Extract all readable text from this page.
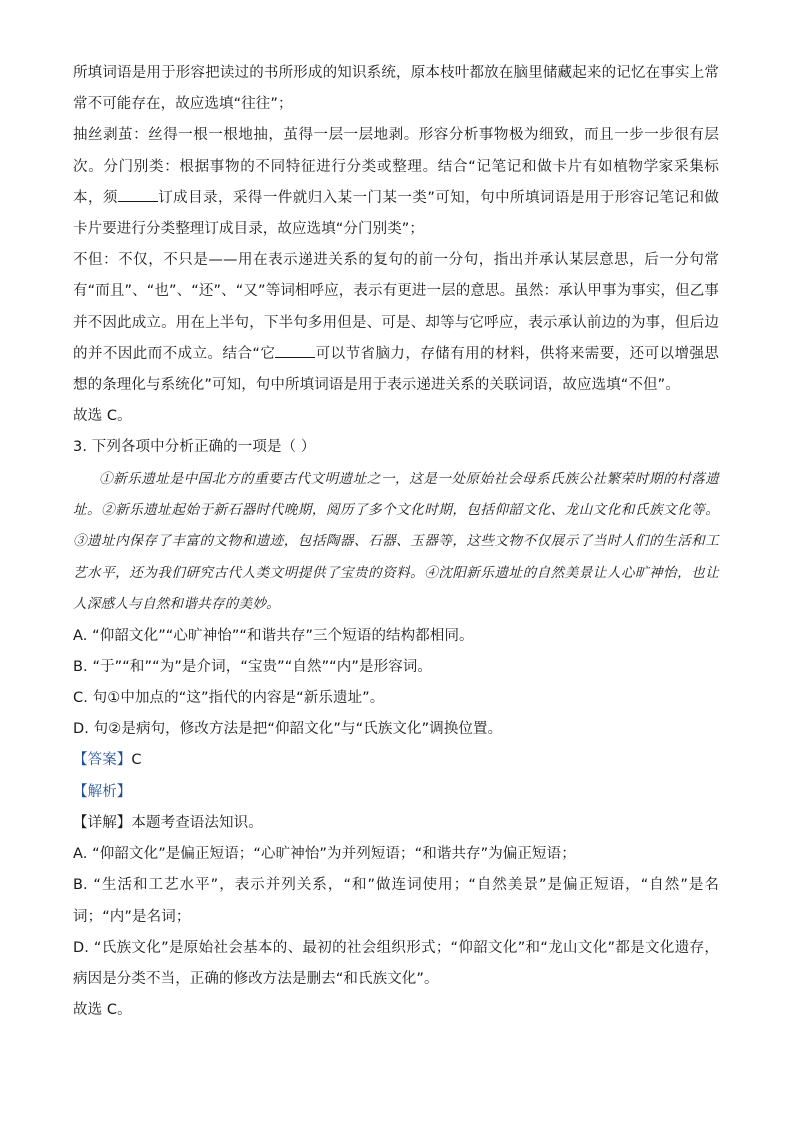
所填词语是用于形容把读过的书所形成的知识系统，原本枝叶都放在脑里储藏起来的记忆在事实上常常不可能存在，故应选填“往往”；

抽丝剥茧：丝得一根一根地抽，茧得一层一层地剥。形容分析事物极为细致，而且一步一步很有层次。分门别类：根据事物的不同特征进行分类或整理。结合“记笔记和做卡片有如植物学家采集标本，须	订成目录，采得一件就归入某一门某一类”可知，句中所填词语是用于形容记笔记和做卡片要进行分类整理订成目录，故应选填“分门别类”；

不但：不仅，不只是——用在表示递进关系的复句的前一分句，指出并承认某层意思，后一分句常有“而且”、“也”、“还”、“又”等词相呼应，表示有更进一层的意思。虽然：承认甲事为事实，但乙事并不因此成立。用在上半句，下半句多用但是、可是、却等与它呼应，表示承认前边的为事，但后边的并不因此而不成立。结合“它	可以节省脑力，存储有用的材料，供将来需要，还可以增强思想的条理化与系统化”可知，句中所填词语是用于表示递进关系的关联词语，故应选填“不但”。

故选 C。

3. 下列各项中分析正确的一项是（ ）

①新乐遗址是中国北方的重要古代文明遗址之一，这是一处原始社会母系氏族公社繁荣时期的村落遗址。②新乐遗址起始于新石器时代晚期，阅历了多个文化时期，包括仰韶文化、龙山文化和氏族文化等。③遗址内保存了丰富的文物和遗迹，包括陶器、石器、玉器等，这些文物不仅展示了当时人们的生活和工艺水平，还为我们研究古代人类文明提供了宝贵的资料。④沈阳新乐遗址的自然美景让人心旷神怡，也让人深感人与自然和谐共存的美妙。

A. “仰韶文化”“心旷神怡”“和谐共存”三个短语的结构都相同。

B. “于”“和”“为”是介词，“宝贵”“自然”“内”是形容词。

C. 句①中加点的“这”指代的内容是“新乐遗址”。

D. 句②是病句，修改方法是把“仰韶文化”与“氏族文化”调换位置。

【答案】C

【解析】

【详解】本题考查语法知识。

A. “仰韶文化”是偏正短语；“心旷神怡”为并列短语；“和谐共存”为偏正短语；

B. “生活和工艺水平”，表示并列关系，“和”做连词使用；“自然美景”是偏正短语，“自然”是名词；“内”是名词；

D. “氏族文化”是原始社会基本的、最初的社会组织形式；“仰韶文化”和“龙山文化”都是文化遗存，病因是分类不当，正确的修改方法是删去“和氏族文化”。

故选 C。
